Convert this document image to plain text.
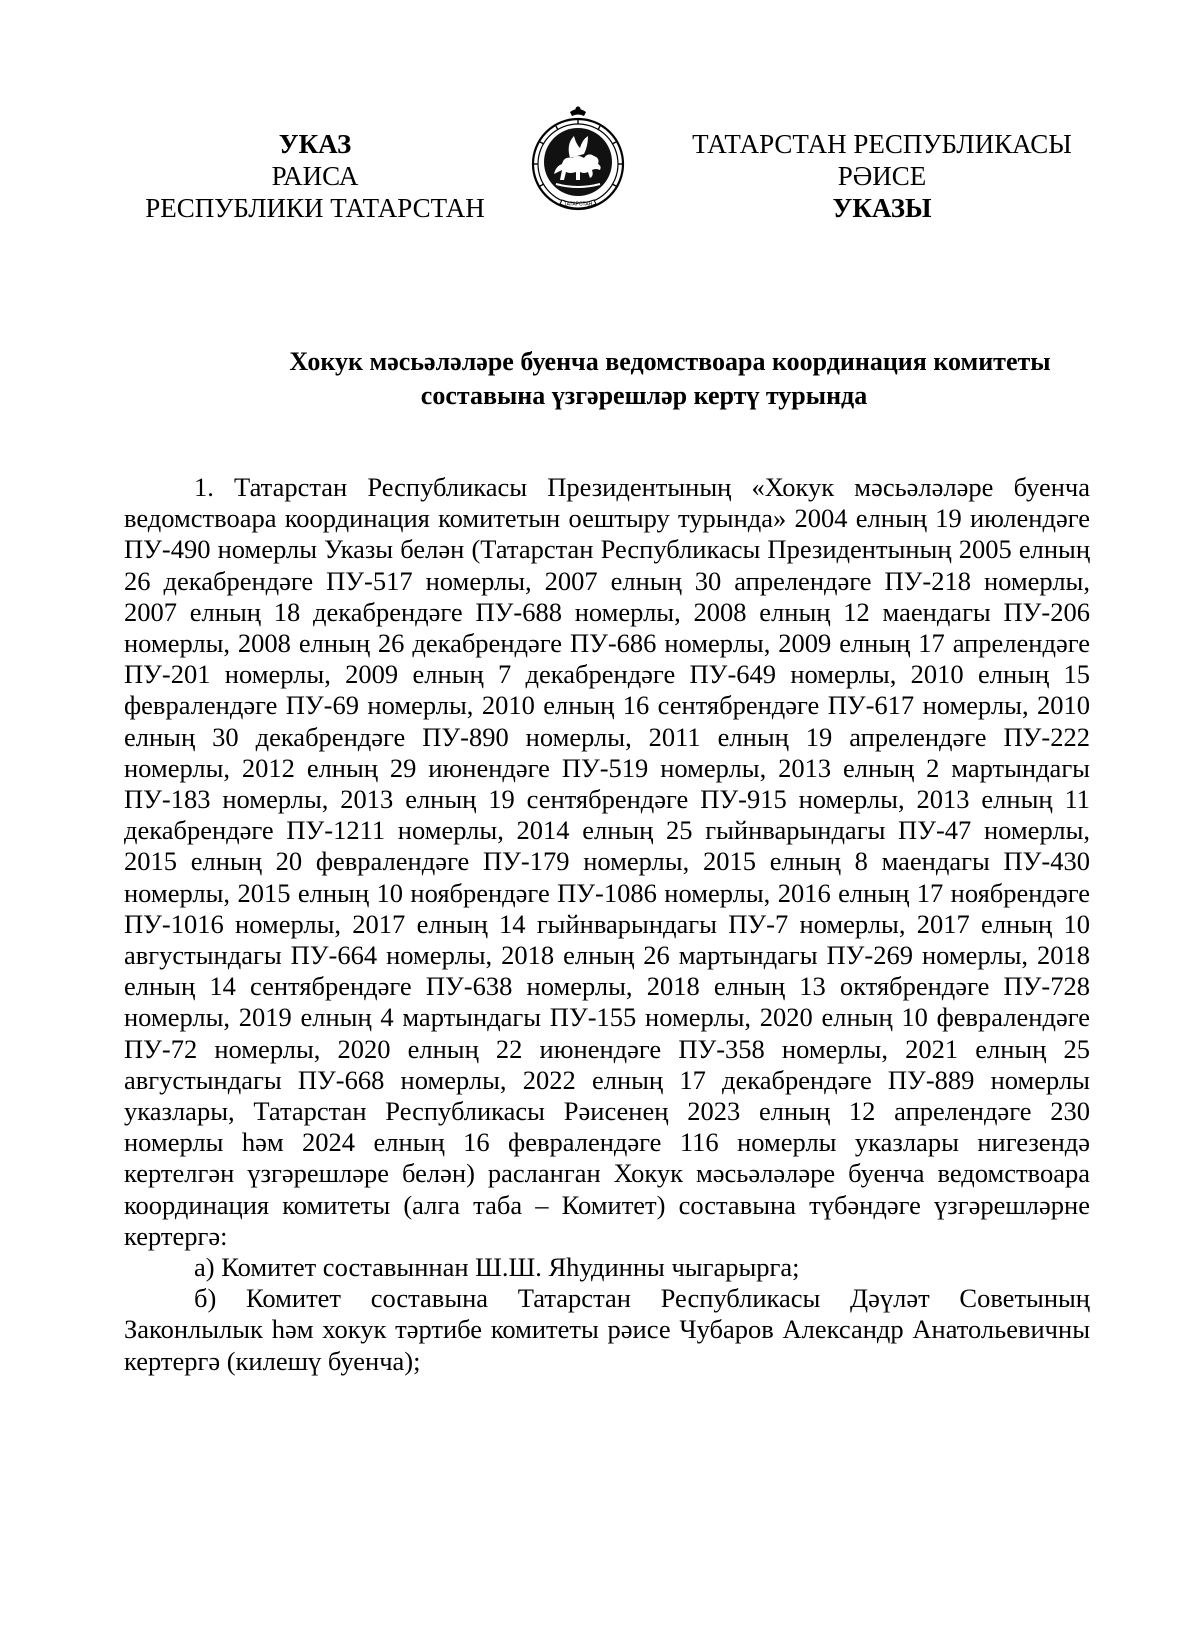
УКАЗ
РАИСА
РЕСПУБЛИКИ ТАТАРСТАН
ТАТАРСТАН РЕСПУБЛИКАСЫ
РӘИСЕ
УКАЗЫ
ТАТАРСТАН
Хокук мәсьәләләре буенча ведомствоара координация комитеты
составына үзгәрешләр кертү турында

1. Татарстан Республикасы Президентының «Хокук мәсьәләләре буенча ведомствоара координация комитетын оештыру турында» 2004 елның 19 июлендәге ПУ-490 номерлы Указы белән (Татарстан Республикасы Президентының 2005 елның 26 декабрендәге ПУ-517 номерлы, 2007 елның 30 апрелендәге ПУ-218 номерлы, 2007 елның 18 декабрендәге ПУ-688 номерлы, 2008 елның 12 маендагы ПУ-206 номерлы, 2008 елның 26 декабрендәге ПУ-686 номерлы, 2009 елның 17 апрелендәге ПУ-201 номерлы, 2009 елның 7 декабрендәге ПУ-649 номерлы, 2010 елның 15 февралендәге ПУ-69 номерлы, 2010 елның 16 сентябрендәге ПУ-617 номерлы, 2010 елның 30 декабрендәге ПУ-890 номерлы, 2011 елның 19 апрелендәге ПУ-222 номерлы, 2012 елның 29 июнендәге ПУ-519 номерлы, 2013 елның 2 мартындагы ПУ-183 номерлы, 2013 елның 19 сентябрендәге ПУ-915 номерлы, 2013 елның 11 декабрендәге ПУ-1211 номерлы, 2014 елның 25 гыйнварындагы ПУ-47 номерлы, 2015 елның 20 февралендәге ПУ-179 номерлы, 2015 елның 8 маендагы ПУ-430 номерлы, 2015 елның 10 ноябрендәге ПУ-1086 номерлы, 2016 елның 17 ноябрендәге ПУ-1016 номерлы, 2017 елның 14 гыйнварындагы ПУ-7 номерлы, 2017 елның 10 августындагы ПУ-664 номерлы, 2018 елның 26 мартындагы ПУ-269 номерлы, 2018 елның 14 сентябрендәге ПУ-638 номерлы, 2018 елның 13 октябрендәге ПУ-728 номерлы, 2019 елның 4 мартындагы ПУ-155 номерлы, 2020 елның 10 февралендәге ПУ-72 номерлы, 2020 елның 22 июнендәге ПУ-358 номерлы, 2021 елның 25 августындагы ПУ-668 номерлы, 2022 елның 17 декабрендәге ПУ-889 номерлы указлары, Татарстан Республикасы Рәисенең 2023 елның 12 апрелендәге 230 номерлы һәм 2024 елның 16 февралендәге 116 номерлы указлары нигезендә кертелгән үзгәрешләре белән) расланган Хокук мәсьәләләре буенча ведомствоара координация комитеты (алга таба – Комитет) составына түбәндәге үзгәрешләрне кертергә:

а) Комитет составыннан Ш.Ш. Яһудинны чыгарырга;

б) Комитет составына Татарстан Республикасы Дәүләт Советының Законлылык һәм хокук тәртибе комитеты рәисе Чубаров Александр Анатольевичны кертергә (килешү буенча);
